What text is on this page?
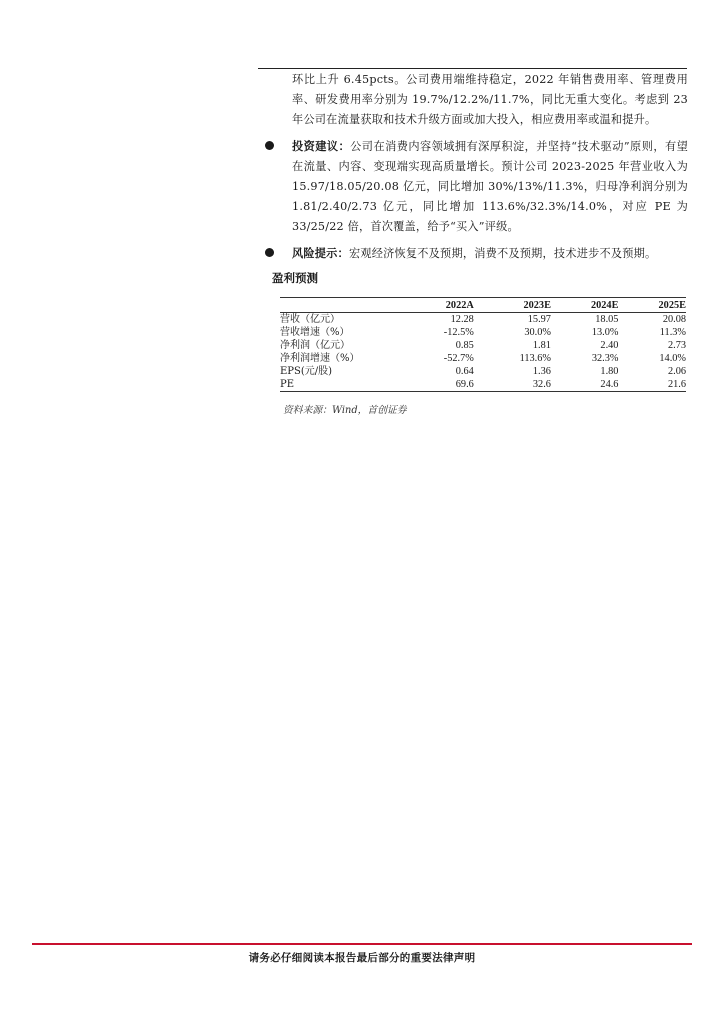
环比上升 6.45pcts。公司费用端维持稳定，2022 年销售费用率、管理费用率、研发费用率分别为 19.7%/12.2%/11.7%，同比无重大变化。考虑到 23 年公司在流量获取和技术升级方面或加大投入，相应费用率或温和提升。
投资建议：公司在消费内容领域拥有深厚积淀，并坚持“技术驱动”原则，有望在流量、内容、变现端实现高质量增长。预计公司 2023-2025 年营业收入为 15.97/18.05/20.08 亿元，同比增加 30%/13%/11.3%，归母净利润分别为 1.81/2.40/2.73 亿元，同比增加 113.6%/32.3%/14.0%，对应 PE 为 33/25/22 倍，首次覆盖，给予“买入”评级。
风险提示：宏观经济恢复不及预期，消费不及预期，技术进步不及预期。
盈利预测
	2022A	2023E	2024E	2025E
营收（亿元）	12.28	15.97	18.05	20.08
营收增速（%）	-12.5%	30.0%	13.0%	11.3%
净利润（亿元）	0.85	1.81	2.40	2.73
净利润增速（%）	-52.7%	113.6%	32.3%	14.0%
EPS(元/股)	0.64	1.36	1.80	2.06
PE	69.6	32.6	24.6	21.6
资料来源：Wind，首创证券
请务必仔细阅读本报告最后部分的重要法律声明
